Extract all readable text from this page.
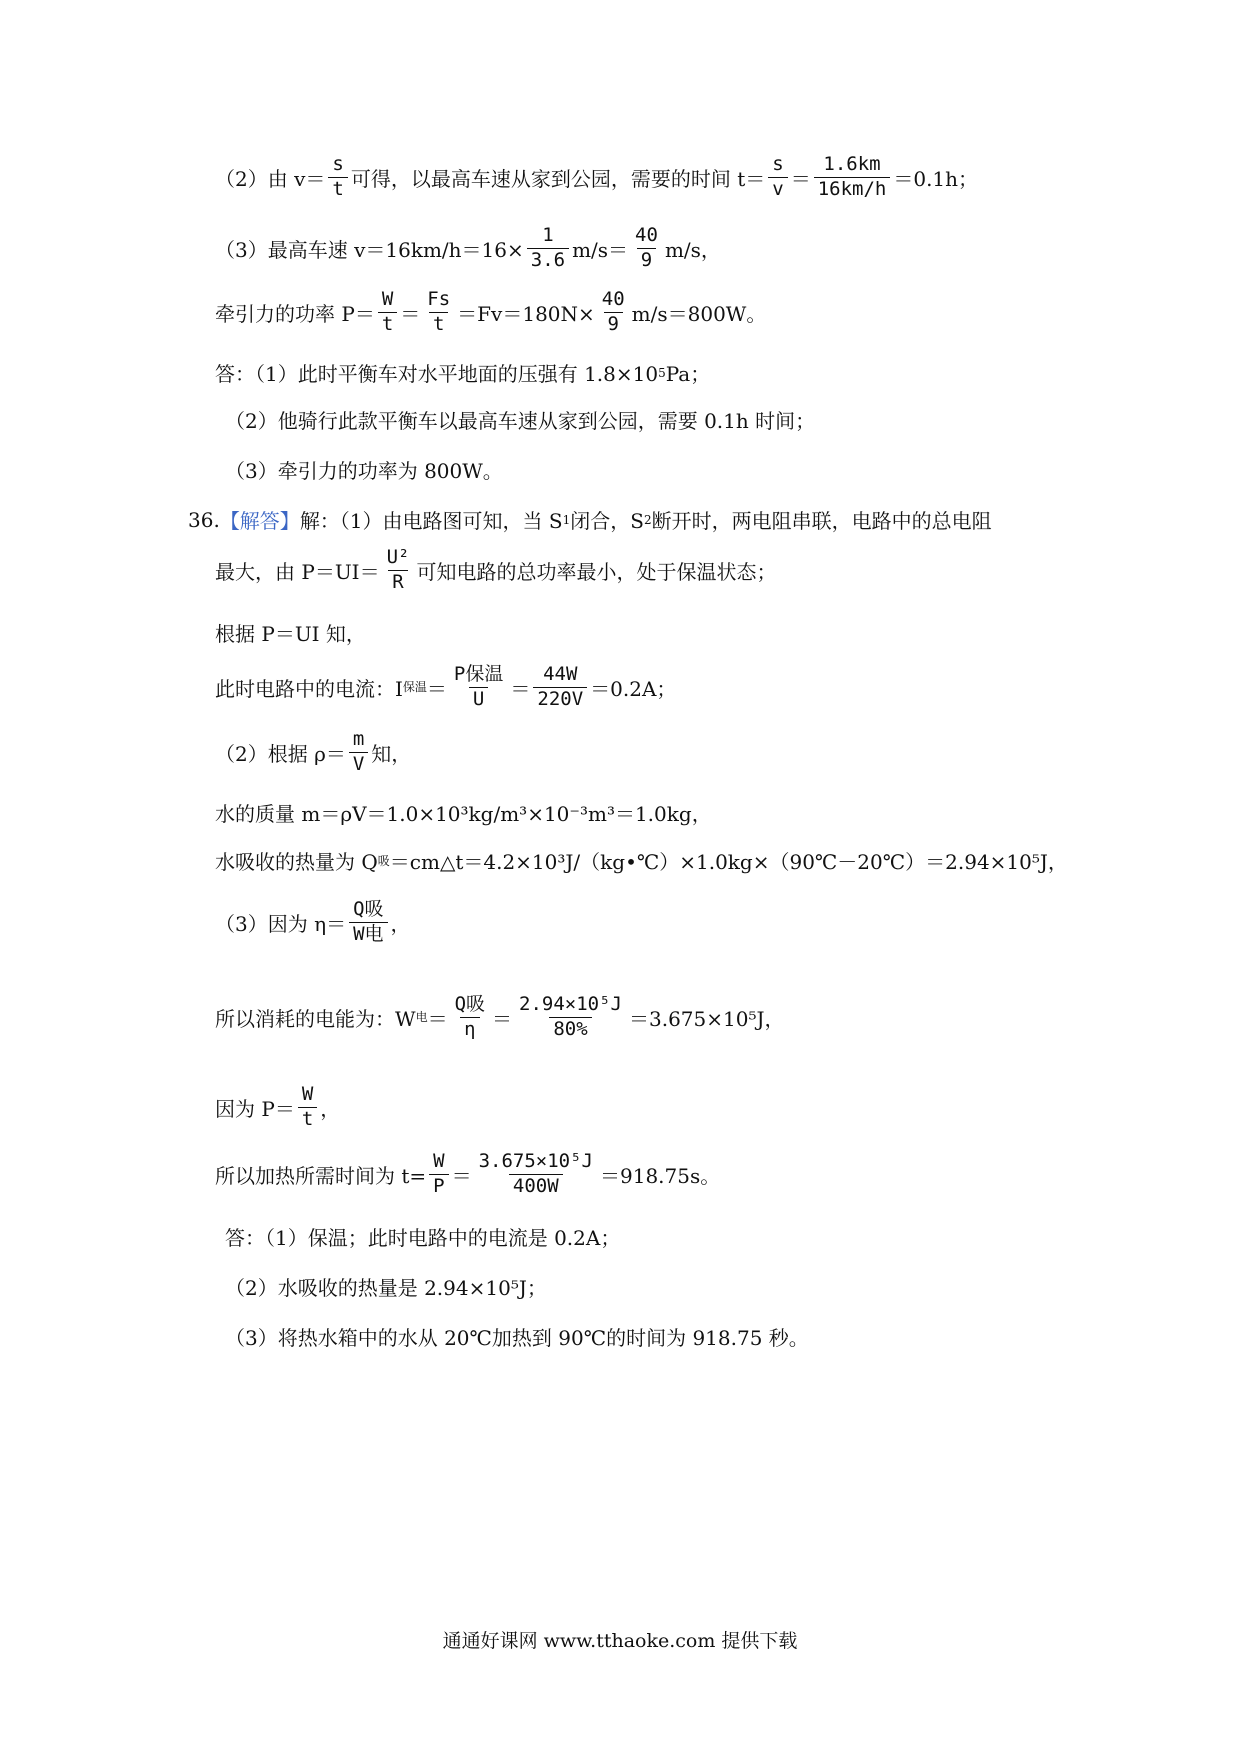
（2）由 $v= \frac{s}{t}$ 可得，以最高车速从家到公园，需要的时间 $t= \frac{s}{v} = \frac{1.6km}{16km/h} =0.1h$；
（3）最高车速 $v=16km/h=16\times \frac{1}{3.6} m/s= \frac{40}{9} m/s$，
牵引力的功率 $P= \frac{W}{t} = \frac{Fs}{t} =Fv=180N\times \frac{40}{9} m/s=800W$。
答：（1）此时平衡车对水平地面的压强有 1.8×10 5 Pa；
（2）他骑行此款平衡车以最高车速从家到公园，需要 0.1h 时间；
（3）牵引力的功率为 800W。
36. 【解答】 解：（1）由电路图可知，当 S 1 闭合，S 2 断开时，两电阻串联，电路中的总电阻
最大，由 $P=UI= \frac{\text{U²}}{R}$ 可知电路的总功率最小，处于保温状态；
根据 P＝UI 知，
此时电路中的电流：I 保温 ＝ $\frac{\text{P保温}}{U} = \frac{44W}{220V} =0.2A$；
（2）根据 $\rho= \frac{m}{V}$ 知，
水的质量 m＝ρV＝1.0×10³kg/m³×10⁻³m³＝1.0kg，
水吸收的热量为 Q 吸 ＝cm△t＝4.2×10³J/（kg•℃）×1.0kg×（90℃－20℃）＝2.94×10⁵J，
（3）因为 $\eta= \frac{\text{Q吸}}{\text{W电}}$ ，
所以消耗的电能为：W 电 ＝ $\frac{\text{Q吸}}{\eta} = \frac{\text{2.94×10⁵J}}{80\%} =3.675\times 10^5J$，
因为 $P= \frac{W}{t}$ ，
所以加热所需时间为 $t= \frac{W}{P} = \frac{\text{3.675×10⁵J}}{400W} =918.75s$。
答：（1）保温；此时电路中的电流是 0.2A；
（2）水吸收的热量是 2.94×10⁵J；
（3）将热水箱中的水从 20℃加热到 90℃的时间为 918.75 秒。
通通好课网 www.tthaoke.com 提供下载
